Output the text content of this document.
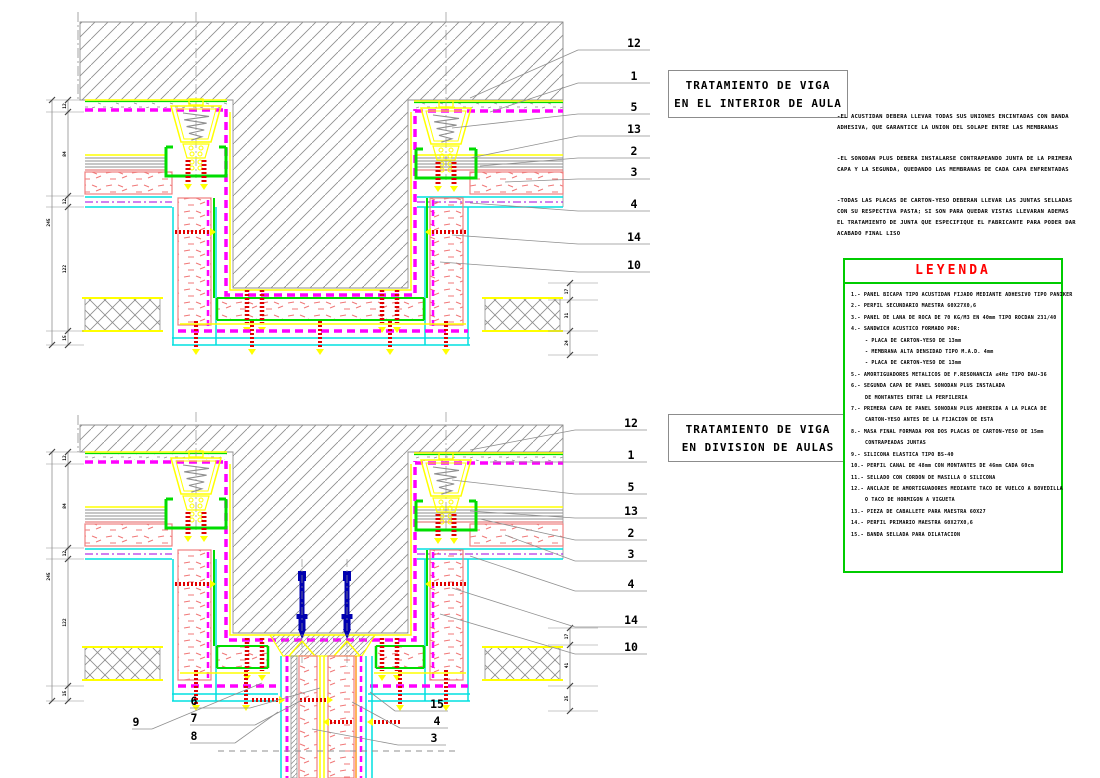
12
84
12
122
15
245
17
31
24
12
84
12
122
15
245
17
41
25
12
1
5
13
2
3
4
14
10
12
1
5
13
2
3
4
14
10
9
6
7
8
15
4
3
TRATAMIENTO DE VIGA
EN EL INTERIOR DE AULA
TRATAMIENTO DE VIGA
EN DIVISION DE AULAS
-EL ACUSTIDAN DEBERA LLEVAR TODAS SUS UNIONES ENCINTADAS CON BANDA
ADHESIVA, QUE GARANTICE LA UNION DEL SOLAPE ENTRE LAS MEMBRANAS
-EL SONODAN PLUS DEBERA INSTALARSE CONTRAPEANDO JUNTA DE LA PRIMERA
CAPA Y LA SEGUNDA, QUEDANDO LAS MEMBRANAS DE CADA CAPA ENFRENTADAS
-TODAS LAS PLACAS DE CARTON-YESO DEBERAN LLEVAR LAS JUNTAS SELLADAS
CON SU RESPECTIVA PASTA; SI SON PARA QUEDAR VISTAS LLEVARAN ADEMAS
EL TRATAMIENTO DE JUNTA QUE ESPECIFIQUE EL FABRICANTE PARA PODER DAR
ACABADO FINAL LISO
LEYENDA
1.- PANEL BICAPA TIPO ACUSTIDAN FIJADO MEDIANTE ADHESIVO TIPO PANIKER
2.- PERFIL SECUNDARIO MAESTRA 60X27X0,6
3.- PANEL DE LANA DE ROCA DE 70 KG/M3 EN 40mm TIPO ROCDAN 231/40
4.- SANDWICH ACUSTICO FORMADO POR:
- PLACA DE CARTON-YESO DE 13mm
- MEMBRANA ALTA DENSIDAD TIPO M.A.D. 4mm
- PLACA DE CARTON-YESO DE 13mm
5.- AMORTIGUADORES METALICOS DE F.RESONANCIA ≤4Hz TIPO DAU-36
6.- SEGUNDA CAPA DE PANEL SONODAN PLUS INSTALADA
DE MONTANTES ENTRE LA PERFILERIA
7.- PRIMERA CAPA DE PANEL SONODAN PLUS ADHERIDA A LA PLACA DE
CARTON-YESO ANTES DE LA FIJACION DE ESTA
8.- MASA FINAL FORMADA POR DOS PLACAS DE CARTON-YESO DE 15mm
CONTRAPEADAS JUNTAS
9.- SILICONA ELASTICA TIPO BS-40
10.- PERFIL CANAL DE 48mm CON MONTANTES DE 46mm CADA 60cm
11.- SELLADO CON CORDON DE MASILLA O SILICONA
12.- ANCLAJE DE AMORTIGUADORES MEDIANTE TACO DE VUELCO A BOVEDILLA
O TACO DE HORMIGON A VIGUETA
13.- PIEZA DE CABALLETE PARA MAESTRA 60X27
14.- PERFIL PRIMARIO MAESTRA 60X27X0,6
15.- BANDA SELLADA PARA DILATACION
